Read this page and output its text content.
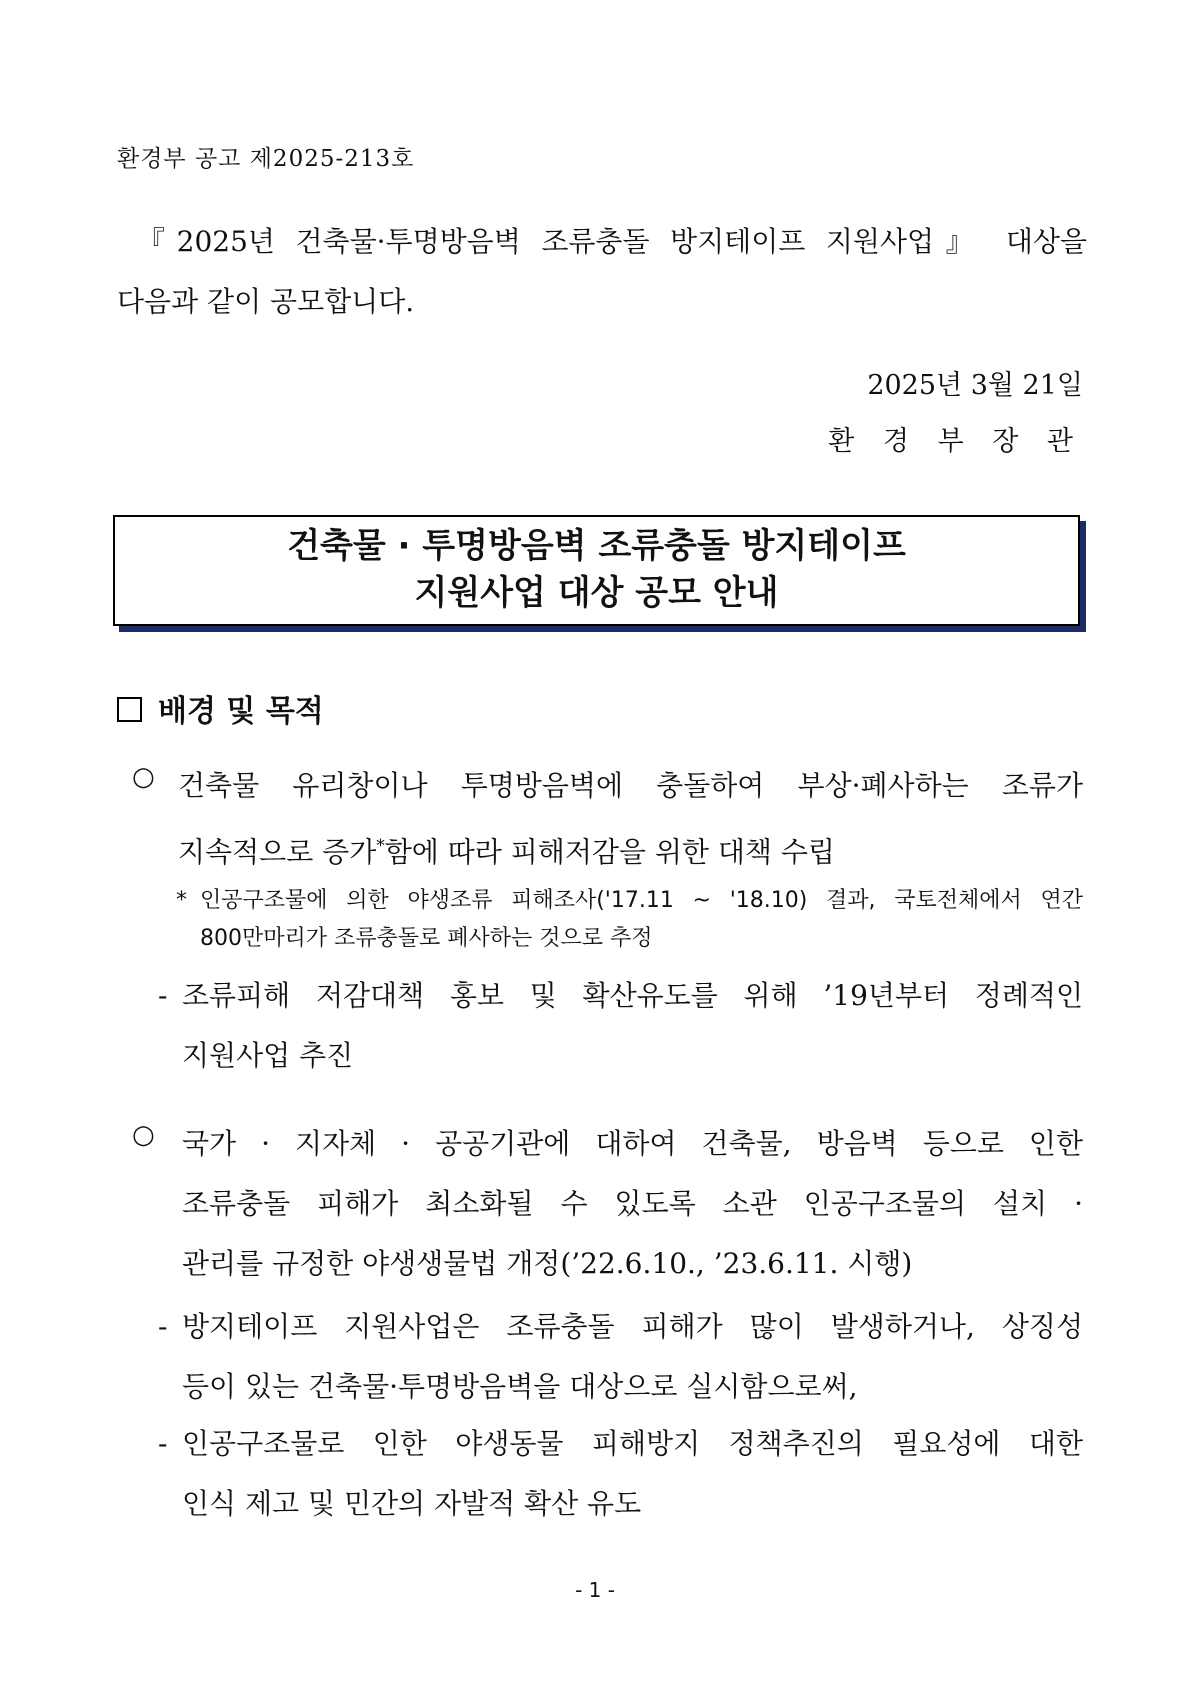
환경부 공고 제2025-213호
『2025년 건축물·투명방음벽 조류충돌 방지테이프 지원사업』 대상을
다음과 같이 공모합니다.
2025년 3월 21일
환 경 부 장 관
건축물 · 투명방음벽 조류충돌 방지테이프
지원사업 대상 공모 안내
배경 및 목적
○ 건축물 유리창이나 투명방음벽에 충돌하여 부상·폐사하는 조류가
지속적으로 증가*함에 따라 피해저감을 위한 대책 수립
* 인공구조물에 의한 야생조류 피해조사('17.11 ~ '18.10) 결과, 국토전체에서 연간
800만마리가 조류충돌로 폐사하는 것으로 추정
- 조류피해 저감대책 홍보 및 확산유도를 위해 ’19년부터 정례적인
지원사업 추진
○ 국가 · 지자체 · 공공기관에 대하여 건축물, 방음벽 등으로 인한
조류충돌 피해가 최소화될 수 있도록 소관 인공구조물의 설치 ·
관리를 규정한 야생생물법 개정(’22.6.10., ’23.6.11. 시행)
- 방지테이프 지원사업은 조류충돌 피해가 많이 발생하거나, 상징성
등이 있는 건축물·투명방음벽을 대상으로 실시함으로써,
- 인공구조물로 인한 야생동물 피해방지 정책추진의 필요성에 대한
인식 제고 및 민간의 자발적 확산 유도
- 1 -
